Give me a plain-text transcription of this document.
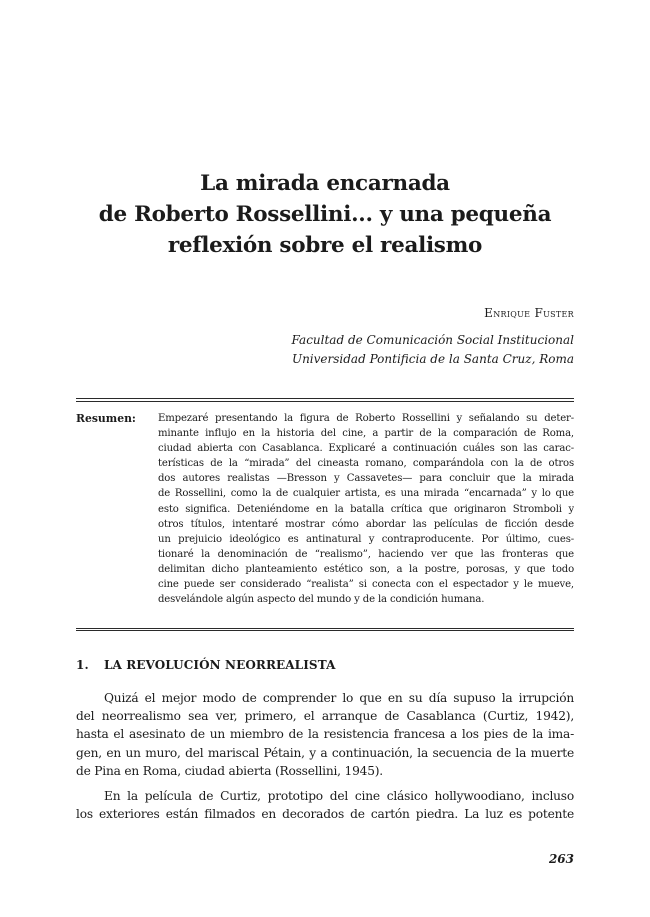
La mirada encarnada
de Roberto Rossellini... y una pequeña
reflexión sobre el realismo

Enrique Fuster

Facultad de Comunicación Social Institucional
Universidad Pontificia de la Santa Cruz, Roma

Resumen: Empezaré presentando la figura de Roberto Rossellini y señalando su deter-
minante influjo en la historia del cine, a partir de la comparación de Roma,
ciudad abierta con Casablanca. Explicaré a continuación cuáles son las carac-
terísticas de la “mirada” del cineasta romano, comparándola con la de otros
dos autores realistas —Bresson y Cassavetes— para concluir que la mirada
de Rossellini, como la de cualquier artista, es una mirada “encarnada” y lo que
esto significa. Deteniéndome en la batalla crítica que originaron Stromboli y
otros títulos, intentaré mostrar cómo abordar las películas de ficción desde
un prejuicio ideológico es antinatural y contraproducente. Por último, cues-
tionaré la denominación de “realismo”, haciendo ver que las fronteras que
delimitan dicho planteamiento estético son, a la postre, porosas, y que todo
cine puede ser considerado “realista” si conecta con el espectador y le mueve,
desvelándole algún aspecto del mundo y de la condición humana.
1. LA REVOLUCIÓN NEORREALISTA
Quizá el mejor modo de comprender lo que en su día supuso la irrupción
del neorrealismo sea ver, primero, el arranque de Casablanca (Curtiz, 1942),
hasta el asesinato de un miembro de la resistencia francesa a los pies de la ima-
gen, en un muro, del mariscal Pétain, y a continuación, la secuencia de la muerte
de Pina en Roma, ciudad abierta (Rossellini, 1945).
En la película de Curtiz, prototipo del cine clásico hollywoodiano, incluso
los exteriores están filmados en decorados de cartón piedra. La luz es potente

263
